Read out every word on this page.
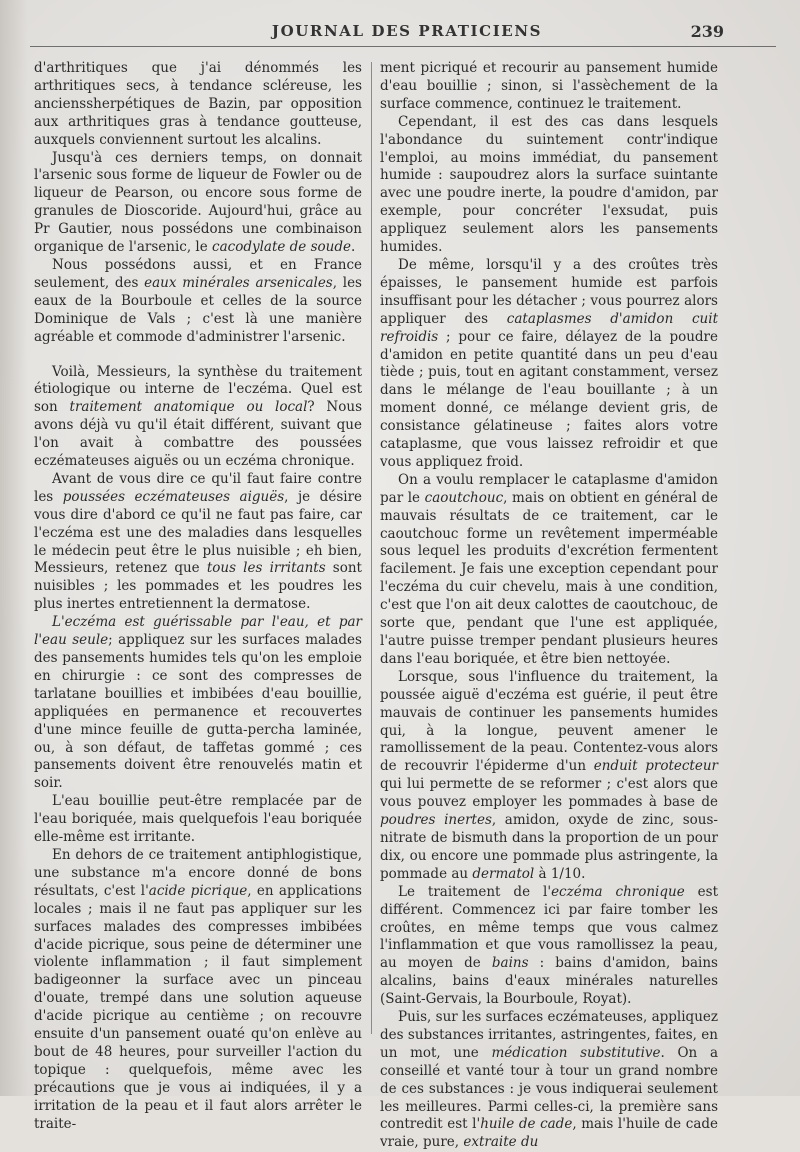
JOURNAL DES PRATICIENS	239

d'arthritiques que j'ai dénommés les arthritiques secs, à tendance scléreuse, les ancienssherpétiques de Bazin, par opposition aux arthritiques gras à tendance goutteuse, auxquels conviennent surtout les alcalins.

Jusqu'à ces derniers temps, on donnait l'arsenic sous forme de liqueur de Fowler ou de liqueur de Pearson, ou encore sous forme de granules de Dioscoride. Aujourd'hui, grâce au Pr Gautier, nous possédons une combinaison organique de l'arsenic, le cacodylate de soude.

Nous possédons aussi, et en France seulement, des eaux minérales arsenicales, les eaux de la Bourboule et celles de la source Dominique de Vals ; c'est là une manière agréable et commode d'administrer l'arsenic.

Voilà, Messieurs, la synthèse du traitement étiologique ou interne de l'eczéma. Quel est son traitement anatomique ou local? Nous avons déjà vu qu'il était différent, suivant que l'on avait à combattre des poussées eczémateuses aiguës ou un eczéma chronique.

Avant de vous dire ce qu'il faut faire contre les poussées eczémateuses aiguës, je désire vous dire d'abord ce qu'il ne faut pas faire, car l'eczéma est une des maladies dans lesquelles le médecin peut être le plus nuisible ; eh bien, Messieurs, retenez que tous les irritants sont nuisibles ; les pommades et les poudres les plus inertes entretiennent la dermatose.

L'eczéma est guérissable par l'eau, et par l'eau seule; appliquez sur les surfaces malades des pansements humides tels qu'on les emploie en chirurgie : ce sont des compresses de tarlatane bouillies et imbibées d'eau bouillie, appliquées en permanence et recouvertes d'une mince feuille de gutta-percha laminée, ou, à son défaut, de taffetas gommé ; ces pansements doivent être renouvelés matin et soir.

L'eau bouillie peut-être remplacée par de l'eau boriquée, mais quelquefois l'eau boriquée elle-même est irritante.

En dehors de ce traitement antiphlogistique, une substance m'a encore donné de bons résultats, c'est l'acide picrique, en applications locales ; mais il ne faut pas appliquer sur les surfaces malades des compresses imbibées d'acide picrique, sous peine de déterminer une violente inflammation ; il faut simplement badigeonner la surface avec un pinceau d'ouate, trempé dans une solution aqueuse d'acide picrique au centième ; on recouvre ensuite d'un pansement ouaté qu'on enlève au bout de 48 heures, pour surveiller l'action du topique : quelquefois, même avec les précautions que je vous ai indiquées, il y a irritation de la peau et il faut alors arrêter le traite-

ment picriqué et recourir au pansement humide d'eau bouillie ; sinon, si l'assèchement de la surface commence, continuez le traitement.

Cependant, il est des cas dans lesquels l'abondance du suintement contr'indique l'emploi, au moins immédiat, du pansement humide : saupoudrez alors la surface suintante avec une poudre inerte, la poudre d'amidon, par exemple, pour concréter l'exsudat, puis appliquez seulement alors les pansements humides.

De même, lorsqu'il y a des croûtes très épaisses, le pansement humide est parfois insuffisant pour les détacher ; vous pourrez alors appliquer des cataplasmes d'amidon cuit refroidis ; pour ce faire, délayez de la poudre d'amidon en petite quantité dans un peu d'eau tiède ; puis, tout en agitant constamment, versez dans le mélange de l'eau bouillante ; à un moment donné, ce mélange devient gris, de consistance gélatineuse ; faites alors votre cataplasme, que vous laissez refroidir et que vous appliquez froid.

On a voulu remplacer le cataplasme d'amidon par le caoutchouc, mais on obtient en général de mauvais résultats de ce traitement, car le caoutchouc forme un revêtement imperméable sous lequel les produits d'excrétion fermentent facilement. Je fais une exception cependant pour l'eczéma du cuir chevelu, mais à une condition, c'est que l'on ait deux calottes de caoutchouc, de sorte que, pendant que l'une est appliquée, l'autre puisse tremper pendant plusieurs heures dans l'eau boriquée, et être bien nettoyée.

Lorsque, sous l'influence du traitement, la poussée aiguë d'eczéma est guérie, il peut être mauvais de continuer les pansements humides qui, à la longue, peuvent amener le ramollissement de la peau. Contentez-vous alors de recouvrir l'épiderme d'un enduit protecteur qui lui permette de se reformer ; c'est alors que vous pouvez employer les pommades à base de poudres inertes, amidon, oxyde de zinc, sous-nitrate de bismuth dans la proportion de un pour dix, ou encore une pommade plus astringente, la pommade au dermatol à 1/10.

Le traitement de l'eczéma chronique est différent. Commencez ici par faire tomber les croûtes, en même temps que vous calmez l'inflammation et que vous ramollissez la peau, au moyen de bains : bains d'amidon, bains alcalins, bains d'eaux minérales naturelles (Saint-Gervais, la Bourboule, Royat).

Puis, sur les surfaces eczémateuses, appliquez des substances irritantes, astringentes, faites, en un mot, une médication substitutive. On a conseillé et vanté tour à tour un grand nombre de ces substances : je vous indiquerai seulement les meilleures. Parmi celles-ci, la première sans contredit est l'huile de cade, mais l'huile de cade vraie, pure, extraite du
